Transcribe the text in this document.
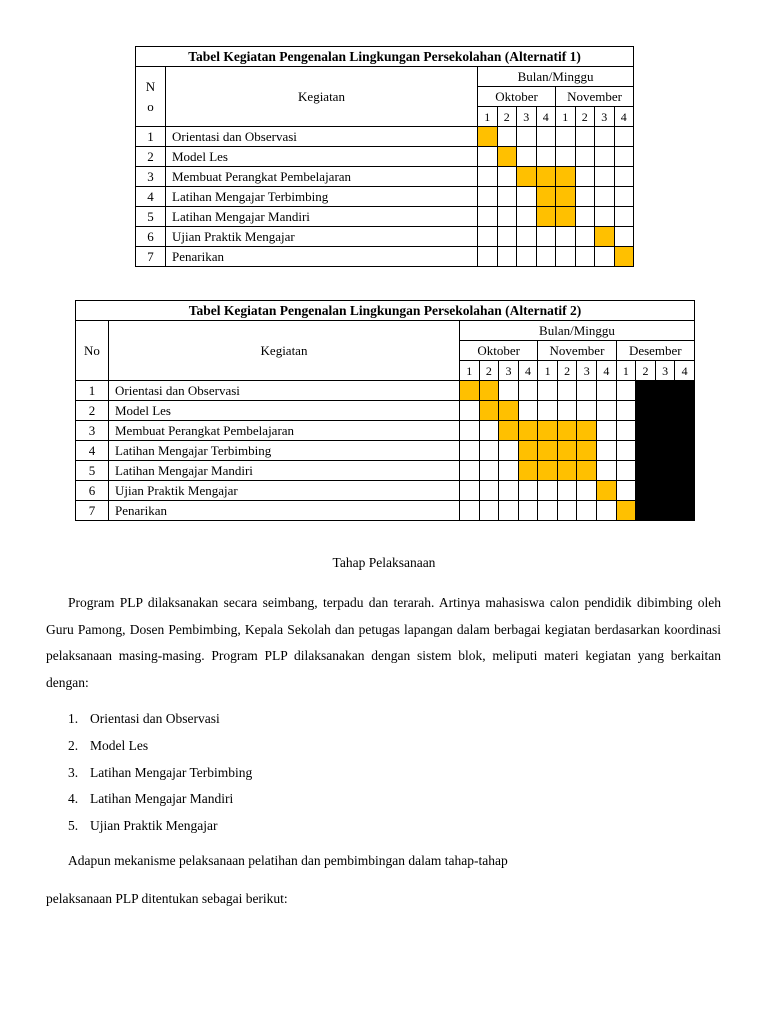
Tabel Kegiatan Pengenalan Lingkungan Persekolahan (Alternatif 1)									
N
o	Kegiatan	Bulan/Minggu							
		Oktober				November			
		1	2	3	4	1	2	3	4
1	Orientasi dan Observasi								
2	Model Les								
3	Membuat Perangkat Pembelajaran								
4	Latihan Mengajar Terbimbing								
5	Latihan Mengajar Mandiri								
6	Ujian Praktik Mengajar								
7	Penarikan								
Tabel Kegiatan Pengenalan Lingkungan Persekolahan (Alternatif 2)													
No	Kegiatan	Bulan/Minggu											
		Oktober				November				Desember			
		1	2	3	4	1	2	3	4	1	2	3	4
1	Orientasi dan Observasi												
2	Model Les												
3	Membuat Perangkat Pembelajaran												
4	Latihan Mengajar Terbimbing												
5	Latihan Mengajar Mandiri												
6	Ujian Praktik Mengajar												
7	Penarikan												
Tahap Pelaksanaan

Program PLP dilaksanakan secara seimbang, terpadu dan terarah. Artinya mahasiswa calon pendidik dibimbing oleh Guru Pamong, Dosen Pembimbing, Kepala Sekolah dan petugas lapangan dalam berbagai kegiatan berdasarkan koordinasi pelaksanaan masing-masing. Program PLP dilaksanakan dengan sistem blok, meliputi materi kegiatan yang berkaitan dengan:

1. Orientasi dan Observasi
2. Model Les
3. Latihan Mengajar Terbimbing
4. Latihan Mengajar Mandiri
5. Ujian Praktik Mengajar

Adapun mekanisme pelaksanaan pelatihan dan pembimbingan dalam tahap-tahap

pelaksanaan PLP ditentukan sebagai berikut:
